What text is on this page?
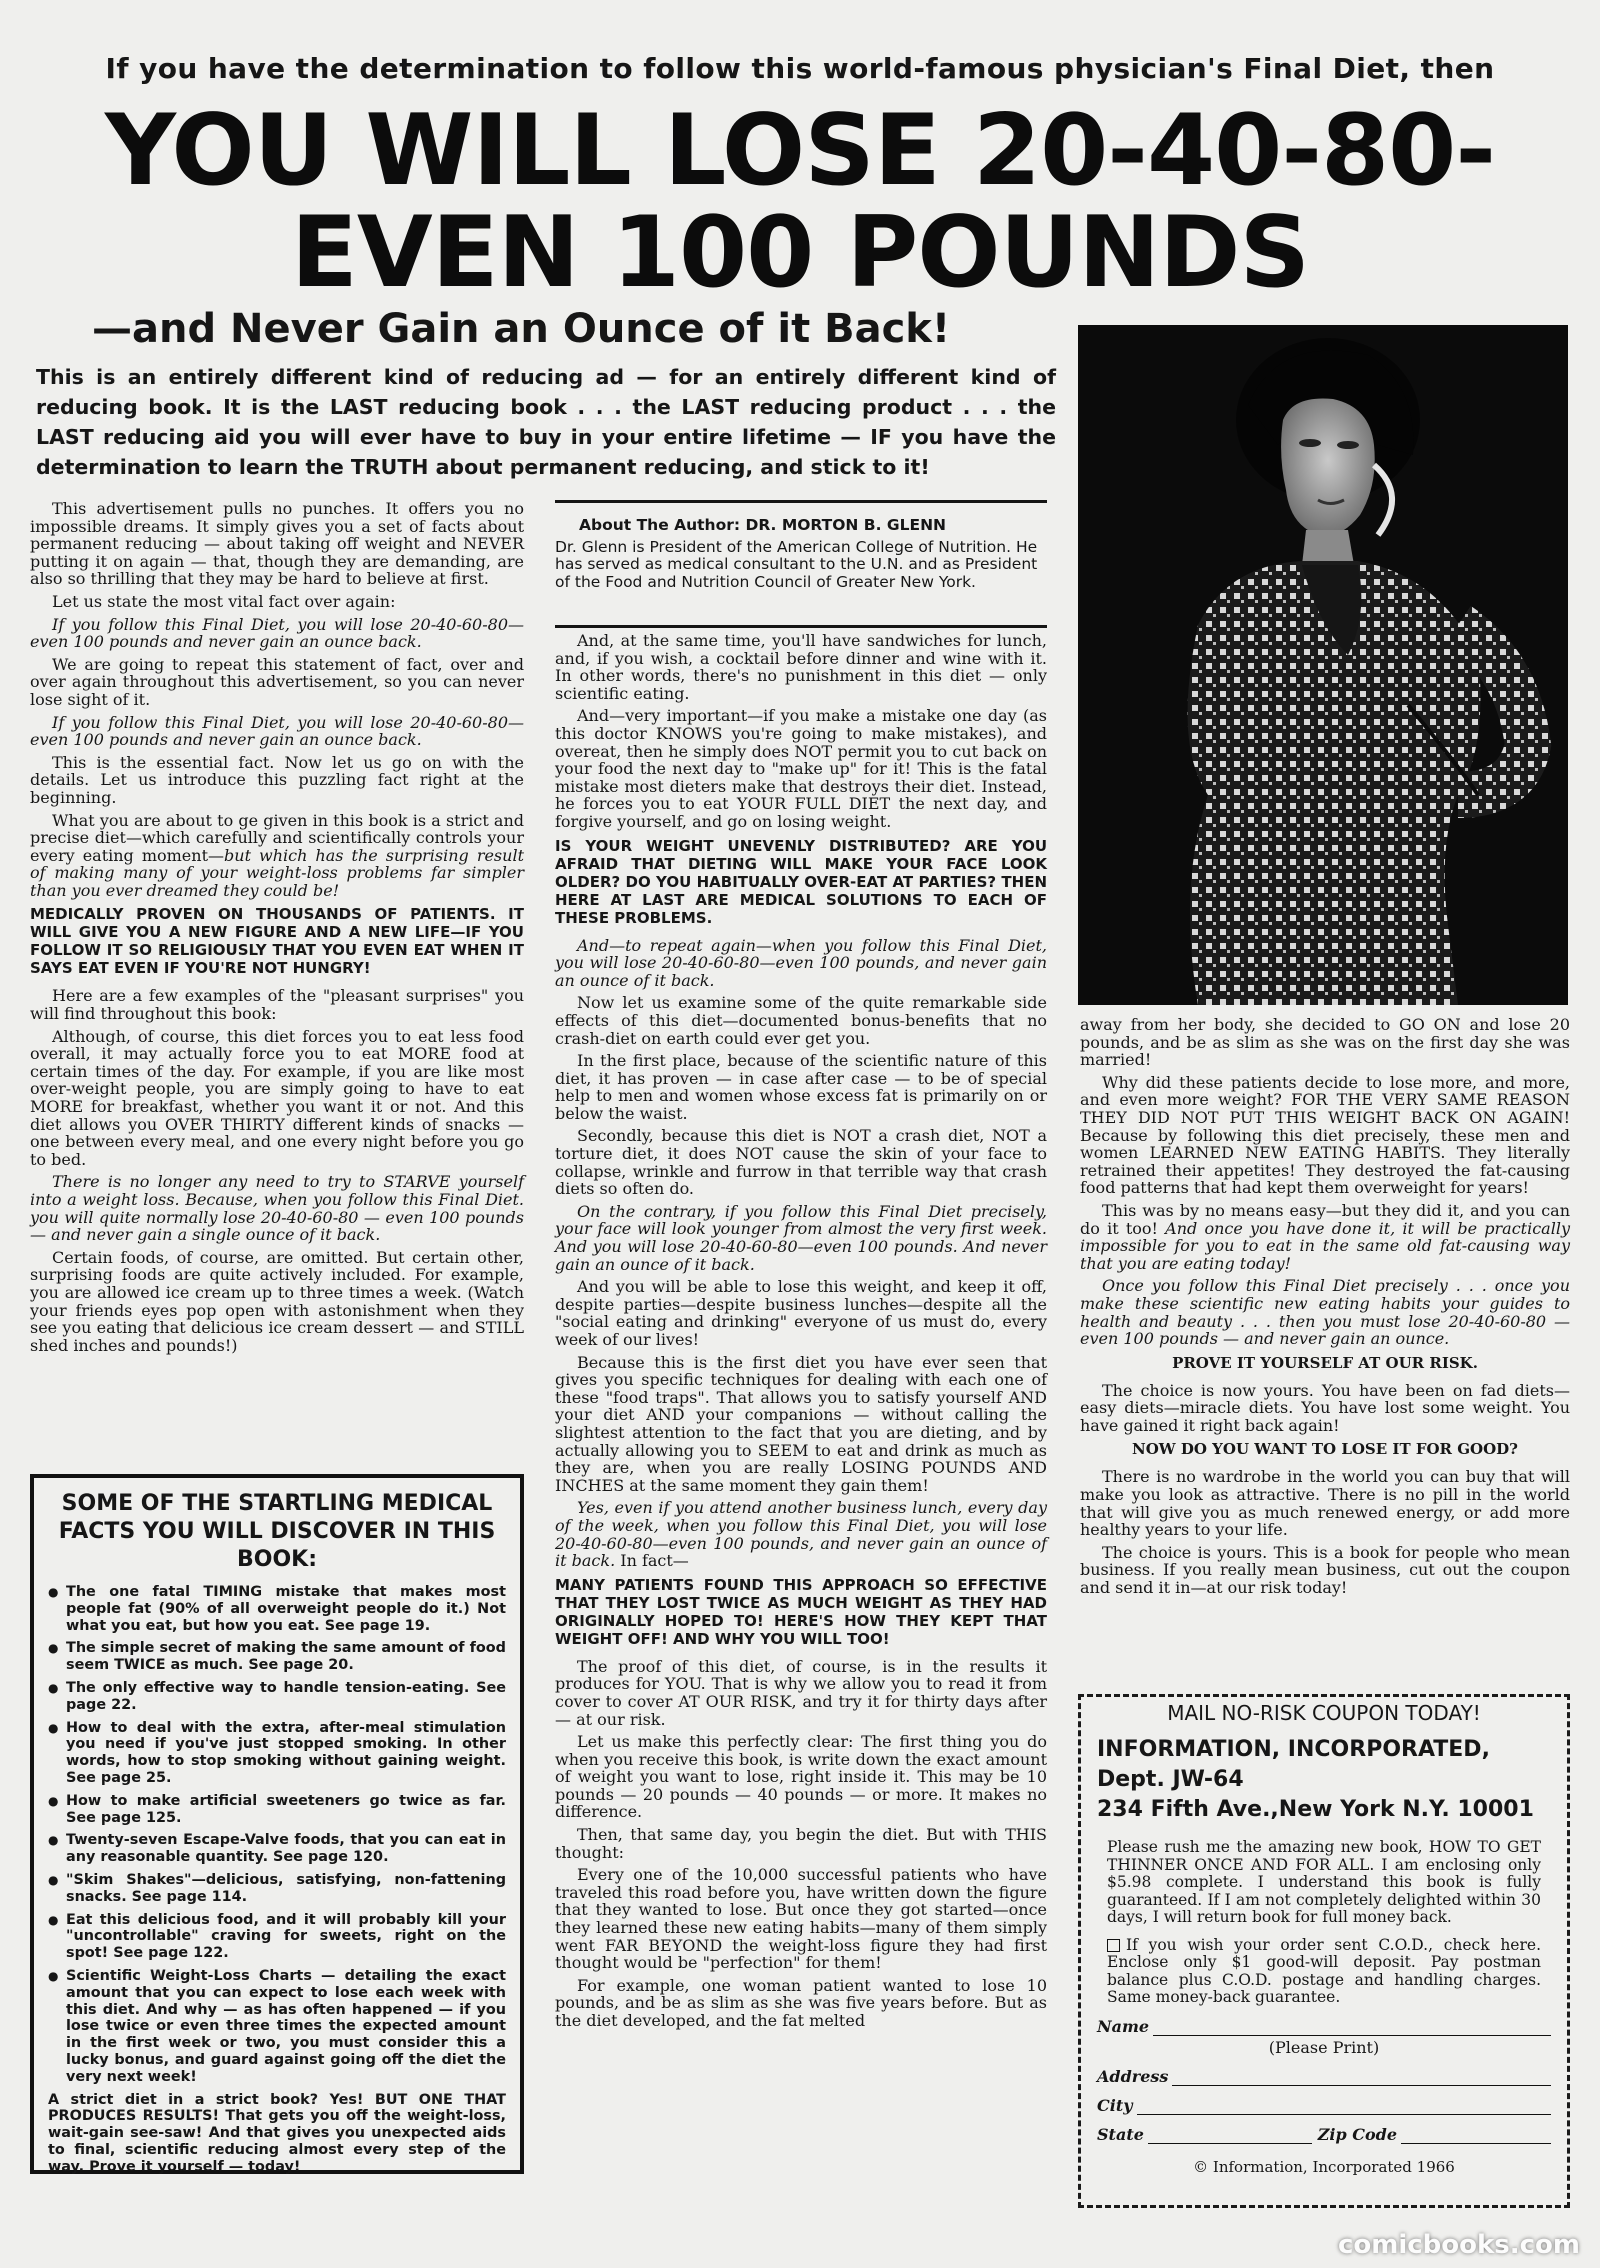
If you have the determination to follow this world-famous physician's Final Diet, then
YOU WILL LOSE 20-40-80-
EVEN 100 POUNDS
—and Never Gain an Ounce of it Back!
This is an entirely different kind of reducing ad — for an entirely different kind of reducing book. It is the LAST reducing book . . . the LAST reducing product . . . the LAST reducing aid you will ever have to buy in your entire lifetime — IF you have the determination to learn the TRUTH about permanent reducing, and stick to it!

This advertisement pulls no punches. It offers you no impossible dreams. It simply gives you a set of facts about permanent reducing — about taking off weight and NEVER putting it on again — that, though they are demanding, are also so thrilling that they may be hard to believe at first.

Let us state the most vital fact over again:

If you follow this Final Diet, you will lose 20-40-60-80—even 100 pounds and never gain an ounce back.

We are going to repeat this statement of fact, over and over again throughout this advertisement, so you can never lose sight of it.

If you follow this Final Diet, you will lose 20-40-60-80—even 100 pounds and never gain an ounce back.

This is the essential fact. Now let us go on with the details. Let us introduce this puzzling fact right at the beginning.

What you are about to ge given in this book is a strict and precise diet—which carefully and scientifically controls your every eating moment—but which has the surprising result of making many of your weight-loss problems far simpler than you ever dreamed they could be!

MEDICALLY PROVEN ON THOUSANDS OF PATIENTS. IT WILL GIVE YOU A NEW FIGURE AND A NEW LIFE—IF YOU FOLLOW IT SO RELIGIOUSLY THAT YOU EVEN EAT WHEN IT SAYS EAT EVEN IF YOU'RE NOT HUNGRY!

Here are a few examples of the "pleasant surprises" you will find throughout this book:

Although, of course, this diet forces you to eat less food overall, it may actually force you to eat MORE food at certain times of the day. For example, if you are like most over-weight people, you are simply going to have to eat MORE for breakfast, whether you want it or not. And this diet allows you OVER THIRTY different kinds of snacks — one between every meal, and one every night before you go to bed.

There is no longer any need to try to STARVE yourself into a weight loss. Because, when you follow this Final Diet. you will quite normally lose 20-40-60-80 — even 100 pounds — and never gain a single ounce of it back.

Certain foods, of course, are omitted. But certain other, surprising foods are quite actively included. For example, you are allowed ice cream up to three times a week. (Watch your friends eyes pop open with astonishment when they see you eating that delicious ice cream dessert — and STILL shed inches and pounds!)

SOME OF THE STARTLING MEDICAL FACTS YOU WILL DISCOVER IN THIS BOOK:
● The one fatal TIMING mistake that makes most people fat (90% of all overweight people do it.) Not what you eat, but how you eat. See page 19.
● The simple secret of making the same amount of food seem TWICE as much. See page 20.
● The only effective way to handle tension-eating. See page 22.
● How to deal with the extra, after-meal stimulation you need if you've just stopped smoking. In other words, how to stop smoking without gaining weight. See page 25.
● How to make artificial sweeteners go twice as far. See page 125.
● Twenty-seven Escape-Valve foods, that you can eat in any reasonable quantity. See page 120.
● "Skim Shakes"—delicious, satisfying, non-fattening snacks. See page 114.
● Eat this delicious food, and it will probably kill your "uncontrollable" craving for sweets, right on the spot! See page 122.
● Scientific Weight-Loss Charts — detailing the exact amount that you can expect to lose each week with this diet. And why — as has often happened — if you lose twice or even three times the expected amount in the first week or two, you must consider this a lucky bonus, and guard against going off the diet the very next week!

A strict diet in a strict book? Yes! BUT ONE THAT PRODUCES RESULTS! That gets you off the weight-loss, wait-gain see-saw! And that gives you unexpected aids to final, scientific reducing almost every step of the way. Prove it yourself — today!

About The Author: DR. MORTON B. GLENN
Dr. Glenn is President of the American College of Nutrition. He has served as medical consultant to the U.N. and as President of the Food and Nutrition Council of Greater New York.

And, at the same time, you'll have sandwiches for lunch, and, if you wish, a cocktail before dinner and wine with it. In other words, there's no punishment in this diet — only scientific eating.

And—very important—if you make a mistake one day (as this doctor KNOWS you're going to make mistakes), and overeat, then he simply does NOT permit you to cut back on your food the next day to "make up" for it! This is the fatal mistake most dieters make that destroys their diet. Instead, he forces you to eat YOUR FULL DIET the next day, and forgive yourself, and go on losing weight.

IS YOUR WEIGHT UNEVENLY DISTRIBUTED? ARE YOU AFRAID THAT DIETING WILL MAKE YOUR FACE LOOK OLDER? DO YOU HABITUALLY OVER-EAT AT PARTIES? THEN HERE AT LAST ARE MEDICAL SOLUTIONS TO EACH OF THESE PROBLEMS.

And—to repeat again—when you follow this Final Diet, you will lose 20-40-60-80—even 100 pounds, and never gain an ounce of it back.

Now let us examine some of the quite remarkable side effects of this diet—documented bonus-benefits that no crash-diet on earth could ever get you.

In the first place, because of the scientific nature of this diet, it has proven — in case after case — to be of special help to men and women whose excess fat is primarily on or below the waist.

Secondly, because this diet is NOT a crash diet, NOT a torture diet, it does NOT cause the skin of your face to collapse, wrinkle and furrow in that terrible way that crash diets so often do.

On the contrary, if you follow this Final Diet precisely, your face will look younger from almost the very first week. And you will lose 20-40-60-80—even 100 pounds. And never gain an ounce of it back.

And you will be able to lose this weight, and keep it off, despite parties—despite business lunches—despite all the "social eating and drinking" everyone of us must do, every week of our lives!

Because this is the first diet you have ever seen that gives you specific techniques for dealing with each one of these "food traps". That allows you to satisfy yourself AND your diet AND your companions — without calling the slightest attention to the fact that you are dieting, and by actually allowing you to SEEM to eat and drink as much as they are, when you are really LOSING POUNDS AND INCHES at the same moment they gain them!

Yes, even if you attend another business lunch, every day of the week, when you follow this Final Diet, you will lose 20-40-60-80—even 100 pounds, and never gain an ounce of it back. In fact—

MANY PATIENTS FOUND THIS APPROACH SO EFFECTIVE THAT THEY LOST TWICE AS MUCH WEIGHT AS THEY HAD ORIGINALLY HOPED TO! HERE'S HOW THEY KEPT THAT WEIGHT OFF! AND WHY YOU WILL TOO!

The proof of this diet, of course, is in the results it produces for YOU. That is why we allow you to read it from cover to cover AT OUR RISK, and try it for thirty days after — at our risk.

Let us make this perfectly clear: The first thing you do when you receive this book, is write down the exact amount of weight you want to lose, right inside it. This may be 10 pounds — 20 pounds — 40 pounds — or more. It makes no difference.

Then, that same day, you begin the diet. But with THIS thought:

Every one of the 10,000 successful patients who have traveled this road before you, have written down the figure that they wanted to lose. But once they got started—once they learned these new eating habits—many of them simply went FAR BEYOND the weight-loss figure they had first thought would be "perfection" for them!

For example, one woman patient wanted to lose 10 pounds, and be as slim as she was five years before. But as the diet developed, and the fat melted

away from her body, she decided to GO ON and lose 20 pounds, and be as slim as she was on the first day she was married!

Why did these patients decide to lose more, and more, and even more weight? FOR THE VERY SAME REASON THEY DID NOT PUT THIS WEIGHT BACK ON AGAIN! Because by following this diet precisely, these men and women LEARNED NEW EATING HABITS. They literally retrained their appetites! They destroyed the fat-causing food patterns that had kept them overweight for years!

This was by no means easy—but they did it, and you can do it too! And once you have done it, it will be practically impossible for you to eat in the same old fat-causing way that you are eating today!

Once you follow this Final Diet precisely . . . once you make these scientific new eating habits your guides to health and beauty . . . then you must lose 20-40-60-80 — even 100 pounds — and never gain an ounce.

PROVE IT YOURSELF AT OUR RISK.

The choice is now yours. You have been on fad diets—easy diets—miracle diets. You have lost some weight. You have gained it right back again!

NOW DO YOU WANT TO LOSE IT FOR GOOD?

There is no wardrobe in the world you can buy that will make you look as attractive. There is no pill in the world that will give you as much renewed energy, or add more healthy years to your life.

The choice is yours. This is a book for people who mean business. If you really mean business, cut out the coupon and send it in—at our risk today!

MAIL NO-RISK COUPON TODAY!
INFORMATION, INCORPORATED, Dept. JW-64
234 Fifth Ave.,New York N.Y. 10001

Please rush me the amazing new book, HOW TO GET THINNER ONCE AND FOR ALL. I am enclosing only $5.98 complete. I understand this book is fully guaranteed. If I am not completely delighted within 30 days, I will return book for full money back.

If you wish your order sent C.O.D., check here. Enclose only $1 good-will deposit. Pay postman balance plus C.O.D. postage and handling charges. Same money-back guarantee.

Name
(Please Print)
Address
City
State	Zip Code
© Information, Incorporated 1966
comicbooks.com
